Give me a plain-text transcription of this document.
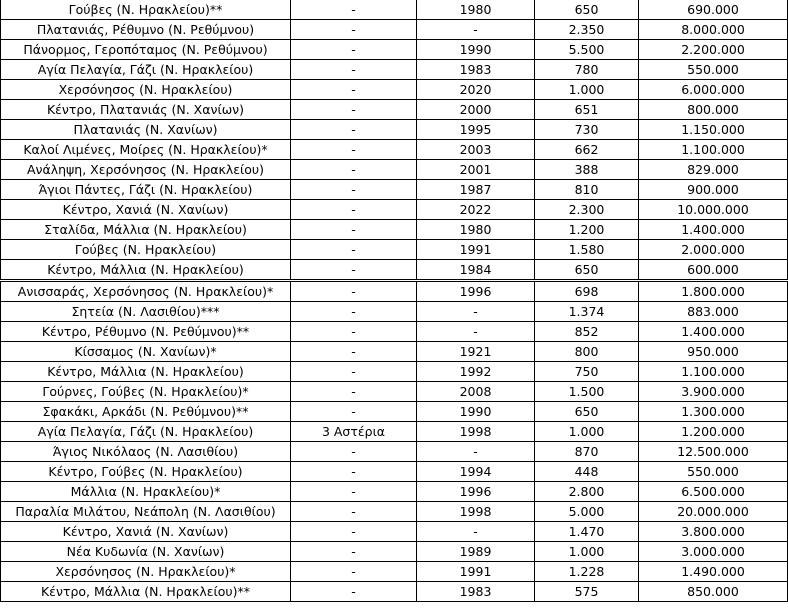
Γούβες (Ν. Ηρακλείου)**	-	1980	650	690.000
Πλατανιάς, Ρέθυμνο (Ν. Ρεθύμνου)	-	-	2.350	8.000.000
Πάνορμος, Γεροπόταμος (Ν. Ρεθύμνου)	-	1990	5.500	2.200.000
Αγία Πελαγία, Γάζι (Ν. Ηρακλείου)	-	1983	780	550.000
Χερσόνησος (Ν. Ηρακλείου)	-	2020	1.000	6.000.000
Κέντρο, Πλατανιάς (Ν. Χανίων)	-	2000	651	800.000
Πλατανιάς (Ν. Χανίων)	-	1995	730	1.150.000
Καλοί Λιμένες, Μοίρες (Ν. Ηρακλείου)*	-	2003	662	1.100.000
Ανάληψη, Χερσόνησος (Ν. Ηρακλείου)	-	2001	388	829.000
Άγιοι Πάντες, Γάζι (Ν. Ηρακλείου)	-	1987	810	900.000
Κέντρο, Χανιά (Ν. Χανίων)	-	2022	2.300	10.000.000
Σταλίδα, Μάλλια (Ν. Ηρακλείου)	-	1980	1.200	1.400.000
Γούβες (Ν. Ηρακλείου)	-	1991	1.580	2.000.000
Κέντρο, Μάλλια (Ν. Ηρακλείου)	-	1984	650	600.000
Ανισσαράς, Χερσόνησος (Ν. Ηρακλείου)*	-	1996	698	1.800.000
Σητεία (Ν. Λασιθίου)***	-	-	1.374	883.000
Κέντρο, Ρέθυμνο (Ν. Ρεθύμνου)**	-	-	852	1.400.000
Κίσσαμος (Ν. Χανίων)*	-	1921	800	950.000
Κέντρο, Μάλλια (Ν. Ηρακλείου)	-	1992	750	1.100.000
Γούρνες, Γούβες (Ν. Ηρακλείου)*	-	2008	1.500	3.900.000
Σφακάκι, Αρκάδι (Ν. Ρεθύμνου)**	-	1990	650	1.300.000
Αγία Πελαγία, Γάζι (Ν. Ηρακλείου)	3 Αστέρια	1998	1.000	1.200.000
Άγιος Νικόλαος (Ν. Λασιθίου)	-	-	870	12.500.000
Κέντρο, Γούβες (Ν. Ηρακλείου)	-	1994	448	550.000
Μάλλια (Ν. Ηρακλείου)*	-	1996	2.800	6.500.000
Παραλία Μιλάτου, Νεάπολη (Ν. Λασιθίου)	-	1998	5.000	20.000.000
Κέντρο, Χανιά (Ν. Χανίων)	-	-	1.470	3.800.000
Νέα Κυδωνία (Ν. Χανίων)	-	1989	1.000	3.000.000
Χερσόνησος (Ν. Ηρακλείου)*	-	1991	1.228	1.490.000
Κέντρο, Μάλλια (Ν. Ηρακλείου)**	-	1983	575	850.000
